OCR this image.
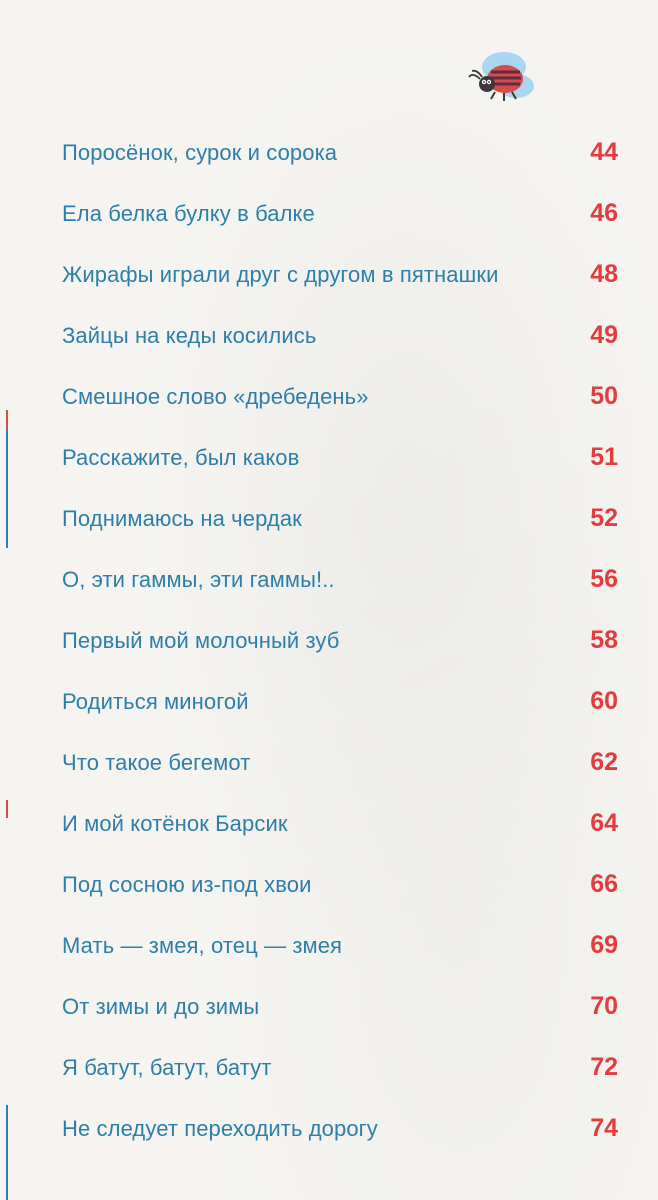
Поросёнок, сурок и сорока	44
Ела белка булку в балке	46
Жирафы играли друг с другом в пятнашки	48
Зайцы на кеды косились	49
Смешное слово «дребедень»	50
Расскажите, был каков	51
Поднимаюсь на чердак	52
О, эти гаммы, эти гаммы!..	56
Первый мой молочный зуб	58
Родиться миногой	60
Что такое бегемот	62
И мой котёнок Барсик	64
Под сосною из-под хвои	66
Мать — змея, отец — змея	69
От зимы и до зимы	70
Я батут, батут, батут	72
Не следует переходить дорогу	74
